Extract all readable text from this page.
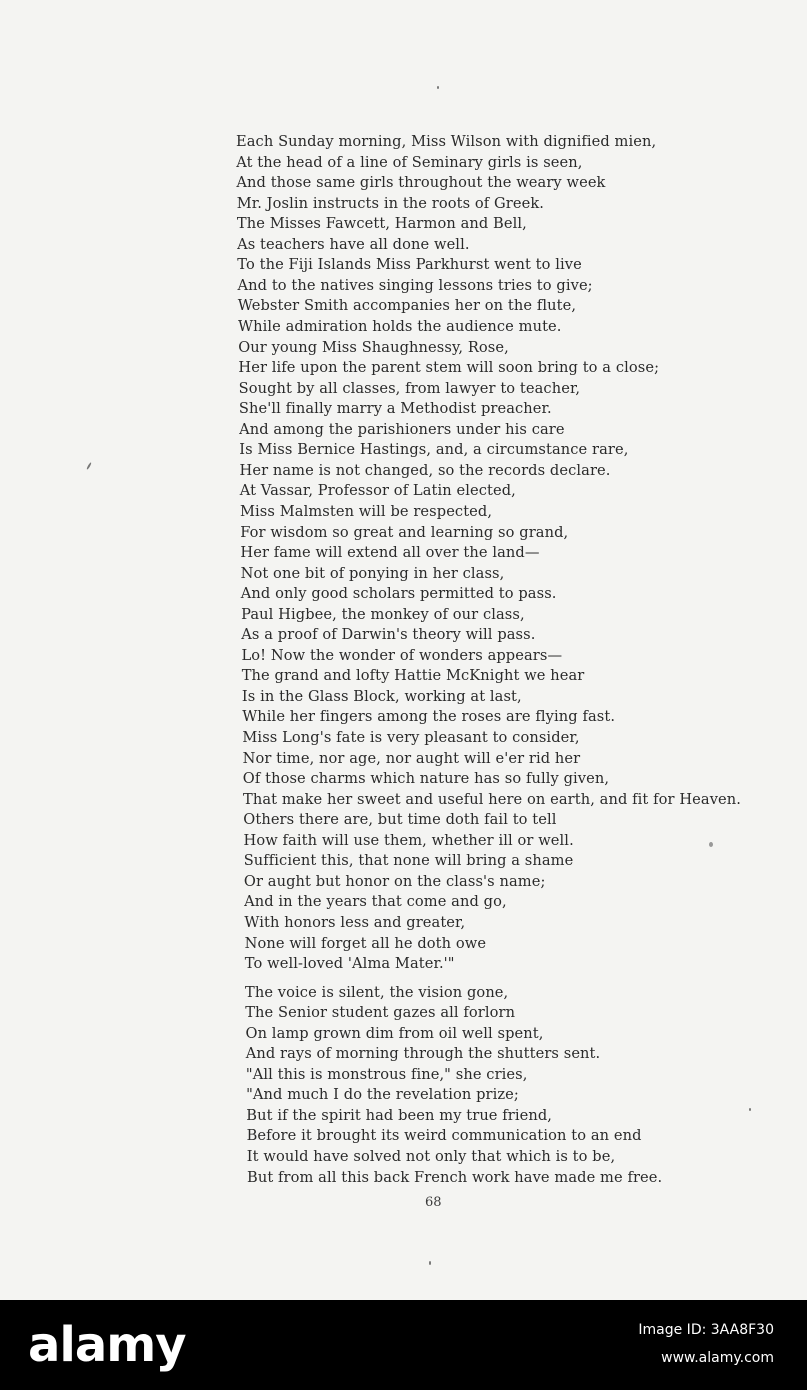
Each Sunday morning, Miss Wilson with dignified mien,
At the head of a line of Seminary girls is seen,
And those same girls throughout the weary week
Mr. Joslin instructs in the roots of Greek.
The Misses Fawcett, Harmon and Bell,
As teachers have all done well.
To the Fiji Islands Miss Parkhurst went to live
And to the natives singing lessons tries to give;
Webster Smith accompanies her on the flute,
While admiration holds the audience mute.
Our young Miss Shaughnessy, Rose,
Her life upon the parent stem will soon bring to a close;
Sought by all classes, from lawyer to teacher,
She'll finally marry a Methodist preacher.
And among the parishioners under his care
Is Miss Bernice Hastings, and, a circumstance rare,
Her name is not changed, so the records declare.
At Vassar, Professor of Latin elected,
Miss Malmsten will be respected,
For wisdom so great and learning so grand,
Her fame will extend all over the land—
Not one bit of ponying in her class,
And only good scholars permitted to pass.
Paul Higbee, the monkey of our class,
As a proof of Darwin's theory will pass.
Lo! Now the wonder of wonders appears—
The grand and lofty Hattie McKnight we hear
Is in the Glass Block, working at last,
While her fingers among the roses are flying fast.
Miss Long's fate is very pleasant to consider,
Nor time, nor age, nor aught will e'er rid her
Of those charms which nature has so fully given,
That make her sweet and useful here on earth, and fit for Heaven.
Others there are, but time doth fail to tell
How faith will use them, whether ill or well.
Sufficient this, that none will bring a shame
Or aught but honor on the class's name;
And in the years that come and go,
With honors less and greater,
None will forget all he doth owe
To well-loved 'Alma Mater.'"
The voice is silent, the vision gone,
The Senior student gazes all forlorn
On lamp grown dim from oil well spent,
And rays of morning through the shutters sent.
"All this is monstrous fine," she cries,
"And much I do the revelation prize;
But if the spirit had been my true friend,
Before it brought its weird communication to an end
It would have solved not only that which is to be,
But from all this back French work have made me free.
68
alamy	Image ID: 3AA8F30
www.alamy.com
